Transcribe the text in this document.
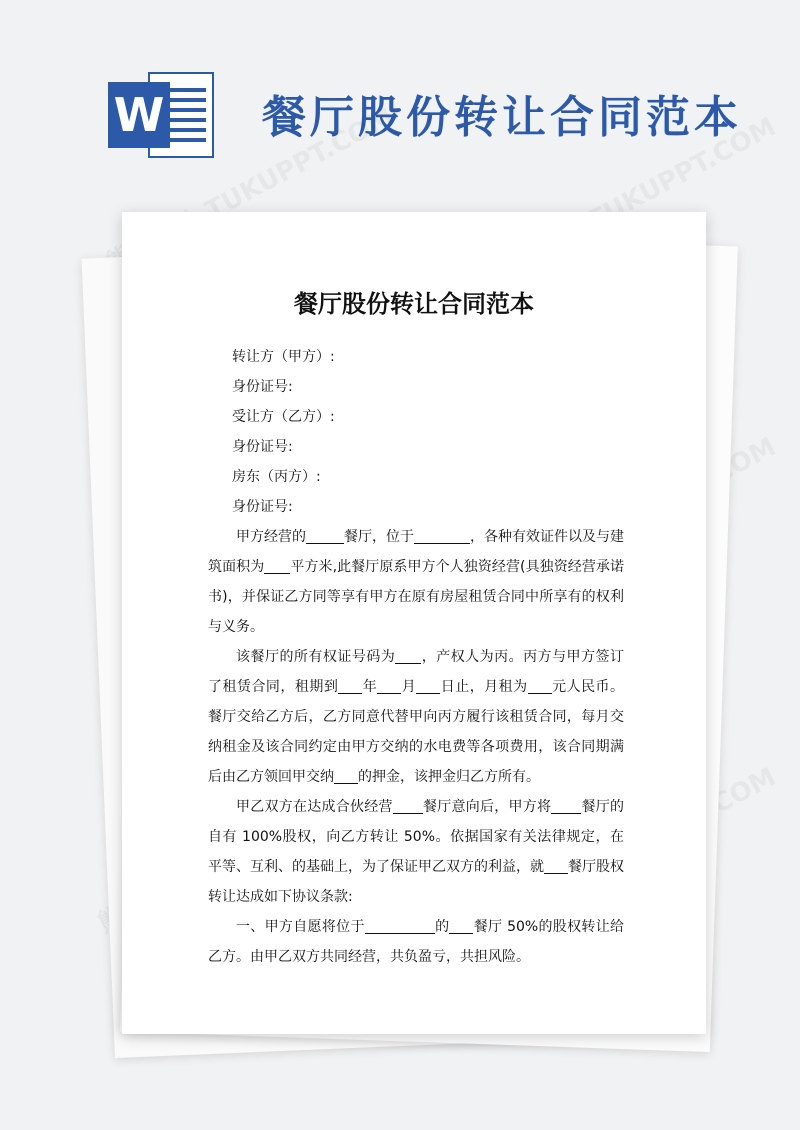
W 餐厅股份转让合同范本
餐厅股份转让合同范本

转让方（甲方）:

身份证号:

受让方（乙方）:

身份证号:

房东（丙方）:

身份证号:

甲方经营的	餐厅，位于	，各种有效证件以及与建筑面积为 平方米,此餐厅原系甲方个人独资经营(具独资经营承诺书)，并保证乙方同等享有甲方在原有房屋租赁合同中所享有的权利与义务。

该餐厅的所有权证号码为 ，产权人为丙。丙方与甲方签订了租赁合同，租期到 年 月 日止，月租为 元人民币。餐厅交给乙方后，乙方同意代替甲向丙方履行该租赁合同，每月交纳租金及该合同约定由甲方交纳的水电费等各项费用，该合同期满后由乙方领回甲交纳 的押金，该押金归乙方所有。

甲乙双方在达成合伙经营 餐厅意向后，甲方将 餐厅的自有 100%股权，向乙方转让 50%。依据国家有关法律规定，在平等、互利、的基础上，为了保证甲乙双方的利益，就 餐厅股权转让达成如下协议条款:

一、甲方自愿将位于	的 餐厅 50%的股权转让给乙方。由甲乙双方共同经营，共负盈亏，共担风险。
